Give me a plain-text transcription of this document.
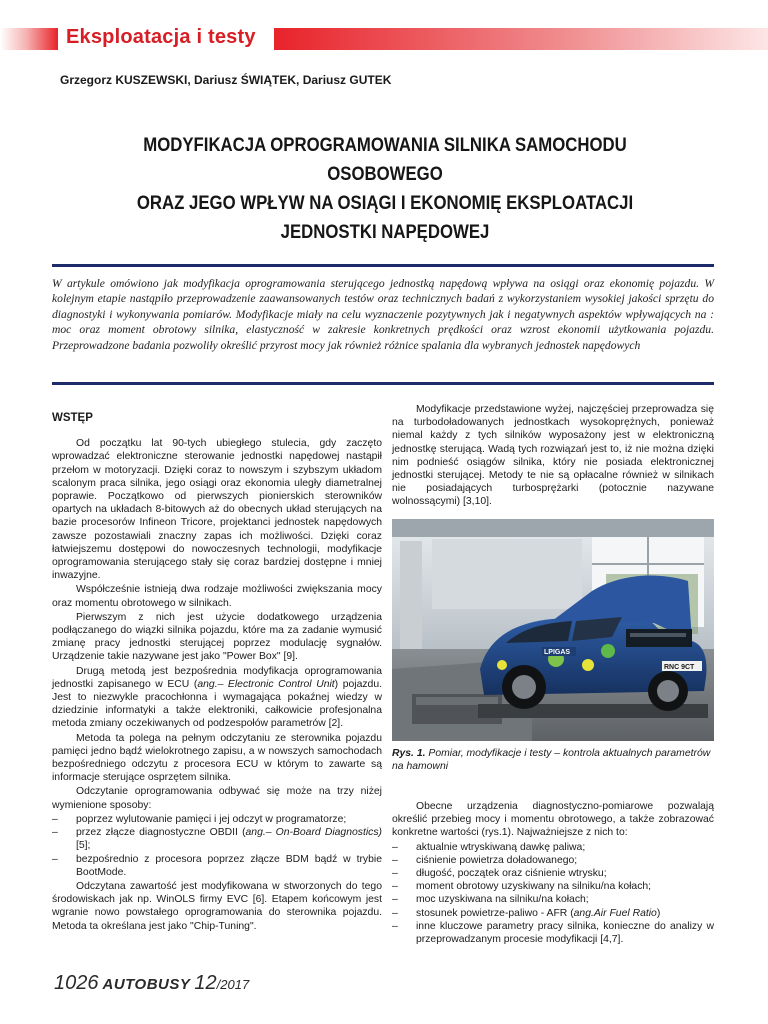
Eksploatacja i testy
Grzegorz KUSZEWSKI, Dariusz ŚWIĄTEK, Dariusz GUTEK
MODYFIKACJA OPROGRAMOWANIA SILNIKA SAMOCHODU OSOBOWEGO
ORAZ JEGO WPŁYW NA OSIĄGI I EKONOMIĘ EKSPLOATACJI
JEDNOSTKI NAPĘDOWEJ
W artykule omówiono jak modyfikacja oprogramowania sterującego jednostką napędową wpływa na osiągi oraz ekonomię pojazdu. W kolejnym etapie nastąpiło przeprowadzenie zaawansowanych testów oraz technicznych badań z wykorzystaniem wysokiej jakości sprzętu do diagnostyki i wykonywania pomiarów. Modyfikacje miały na celu wyznaczenie pozytywnych jak i negatywnych aspektów wpływających na : moc oraz moment obrotowy silnika, elastyczność w zakresie konkretnych prędkości oraz wzrost ekonomii użytkowania pojazdu. Przeprowadzone badania pozwoliły określić przyrost mocy jak również różnice spalania dla wybranych jednostek napędowych
WSTĘP

Od początku lat 90-tych ubiegłego stulecia, gdy zaczęto wprowadzać elektroniczne sterowanie jednostki napędowej nastąpił przełom w motoryzacji. Dzięki coraz to nowszym i szybszym układom scalonym praca silnika, jego osiągi oraz ekonomia uległy diametralnej poprawie. Początkowo od pierwszych pionierskich sterowników opartych na układach 8-bitowych aż do obecnych układ sterujących na bazie procesorów Infineon Tricore, projektanci jednostek napędowych zawsze pozostawiali znaczny zapas ich możliwości. Dzięki coraz łatwiejszemu dostępowi do nowoczesnych technologii, modyfikacje oprogramowania sterującego stały się coraz bardziej dostępne i mniej inwazyjne.

Współcześnie istnieją dwa rodzaje możliwości zwiększania mocy oraz momentu obrotowego w silnikach.

Pierwszym z nich jest użycie dodatkowego urządzenia podłączanego do wiązki silnika pojazdu, które ma za zadanie wymusić zmianę pracy jednostki sterującej poprzez modulację sygnałów. Urządzenie takie nazywane jest jako "Power Box" [9].

Drugą metodą jest bezpośrednia modyfikacja oprogramowania jednostki zapisanego w ECU (ang.– Electronic Control Unit) pojazdu. Jest to niezwykle pracochłonna i wymagająca pokaźnej wiedzy w dziedzinie informatyki a także elektroniki, całkowicie profesjonalna metoda zmiany oczekiwanych od podzespołów parametrów [2].

Metoda ta polega na pełnym odczytaniu ze sterownika pojazdu pamięci jedno bądź wielokrotnego zapisu, a w nowszych samochodach bezpośredniego odczytu z procesora ECU w którym to zawarte są informacje sterujące osprzętem silnika.

Odczytanie oprogramowania odbywać się może na trzy niżej wymienione sposoby:

– poprzez wylutowanie pamięci i jej odczyt w programatorze;
– przez złącze diagnostyczne OBDII (ang.– On-Board Diagnostics) [5];
– bezpośrednio z procesora poprzez złącze BDM bądź w trybie BootMode.

Odczytana zawartość jest modyfikowana w stworzonych do tego środowiskach jak np. WinOLS firmy EVC [6]. Etapem końcowym jest wgranie nowo powstałego oprogramowania do sterownika pojazdu. Metoda ta określana jest jako "Chip-Tuning".

Modyfikacje przedstawione wyżej, najczęściej przeprowadza się na turbodoładowanych jednostkach wysokoprężnych, ponieważ niemal każdy z tych silników wyposażony jest w elektroniczną jednostkę sterującą. Wadą tych rozwiązań jest to, iż nie można dzięki nim podnieść osiągów silnika, który nie posiada elektronicznej jednostki sterującej. Metody te nie są opłacalne również w silnikach nie posiadających turbosprężarki (potocznie nazywane wolnossącymi) [3,10].

LPIGAS
RNC 9CT
Rys. 1. Pomiar, modyfikacje i testy – kontrola aktualnych parametrów na hamowni

Obecne urządzenia diagnostyczno-pomiarowe pozwalają określić przebieg mocy i momentu obrotowego, a także zobrazować konkretne wartości (rys.1). Najważniejsze z nich to:

– aktualnie wtryskiwaną dawkę paliwa;
– ciśnienie powietrza doładowanego;
– długość, początek oraz ciśnienie wtrysku;
– moment obrotowy uzyskiwany na silniku/na kołach;
– moc uzyskiwana na silniku/na kołach;
– stosunek powietrze-paliwo - AFR (ang.Air Fuel Ratio)
– inne kluczowe parametry pracy silnika, konieczne do analizy w przeprowadzanym procesie modyfikacji [4,7].
1026 AUTOBUSY 12/2017
